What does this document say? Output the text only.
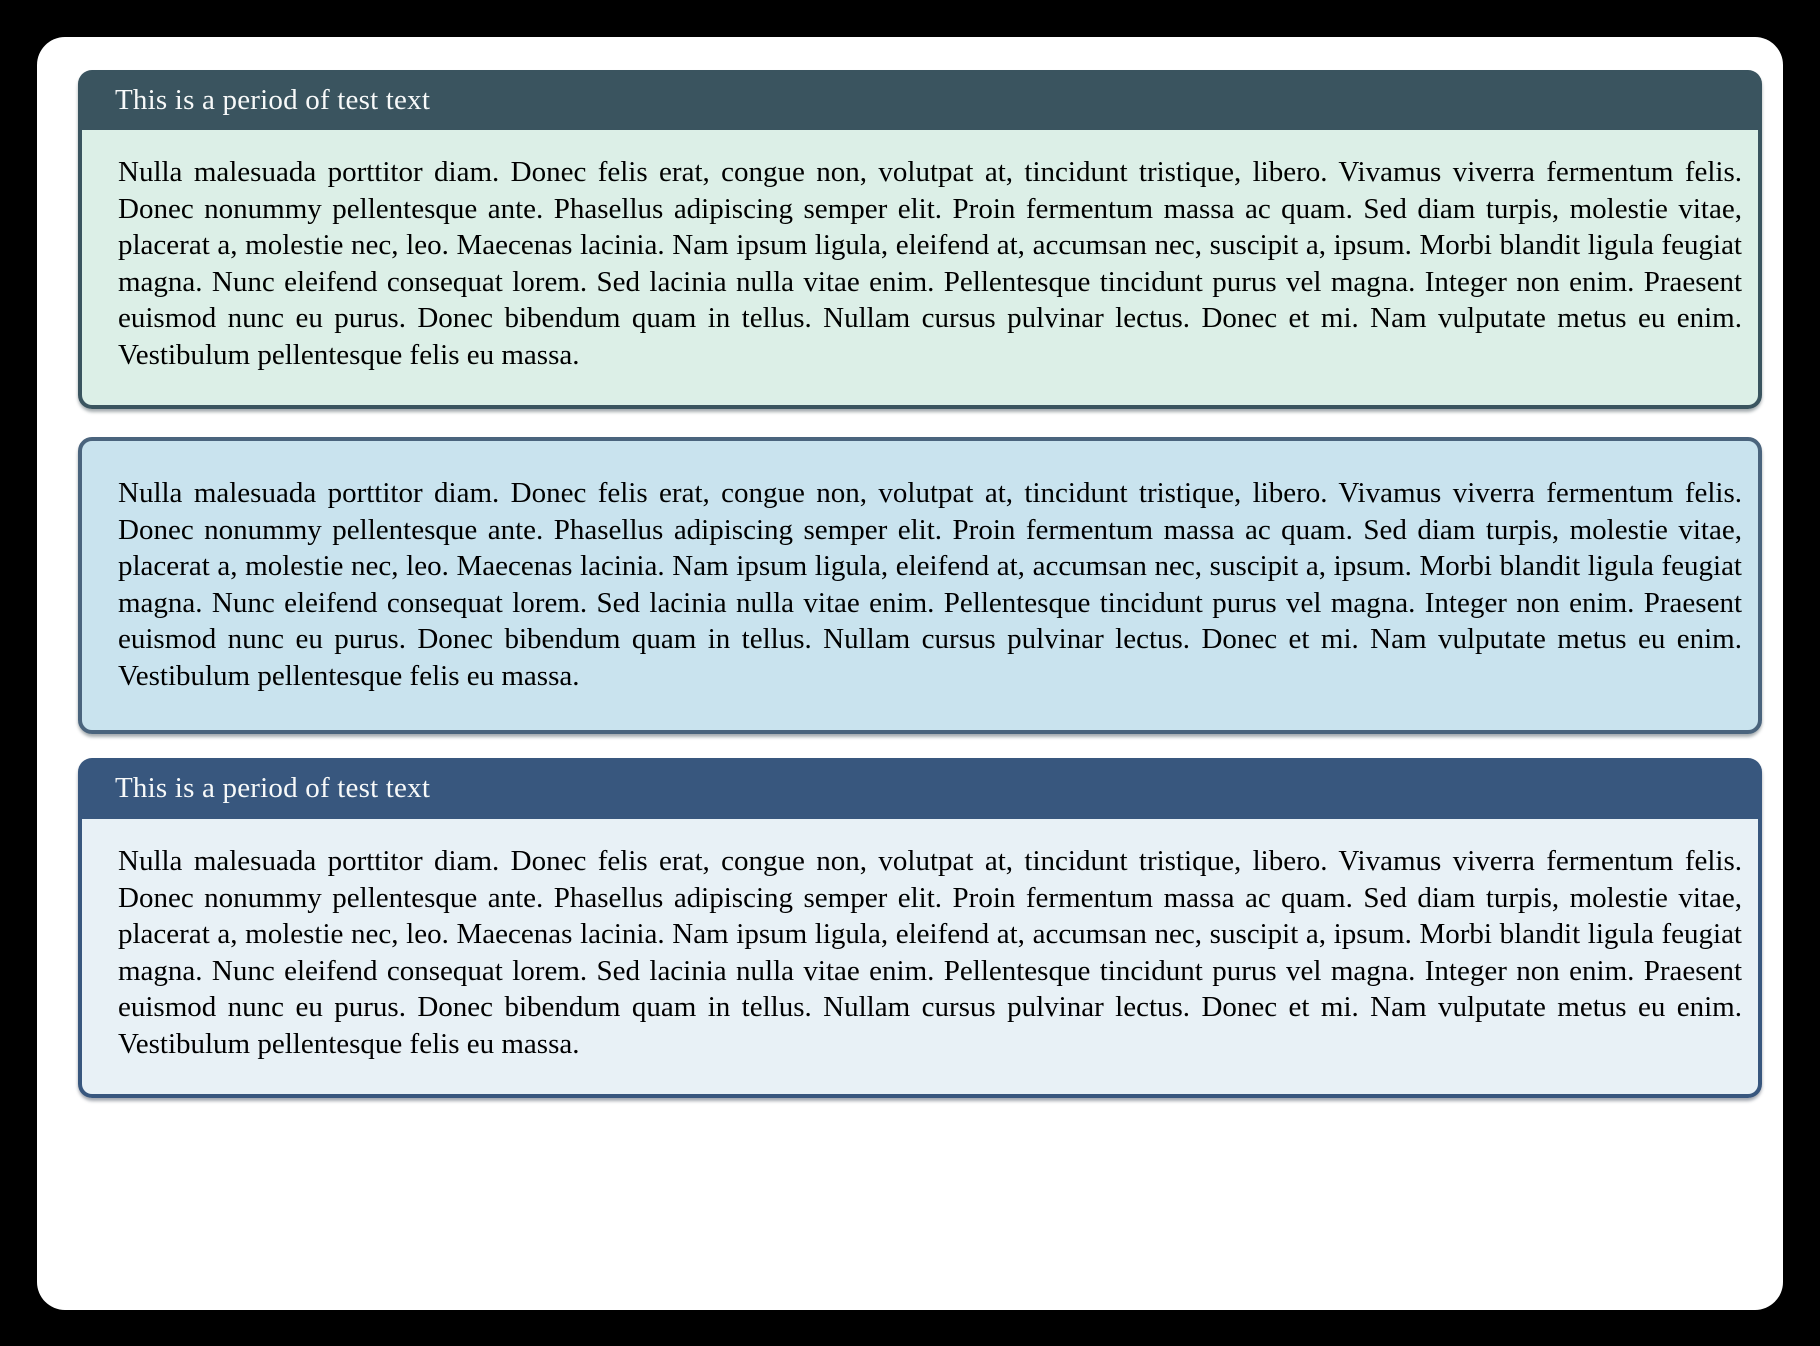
This is a period of test text

Nulla malesuada porttitor diam. Donec felis erat, congue non, volutpat at, tincidunt tristique, libero. Vivamus viverra fermentum felis. Donec nonummy pellentesque ante. Phasellus adipiscing semper elit. Proin fermentum massa ac quam. Sed diam turpis, molestie vitae, placerat a, molestie nec, leo. Maecenas lacinia. Nam ipsum ligula, eleifend at, accumsan nec, suscipit a, ipsum. Morbi blandit ligula feugiat magna. Nunc eleifend consequat lorem. Sed lacinia nulla vitae enim. Pellentesque tincidunt purus vel magna. Integer non enim. Praesent euismod nunc eu purus. Donec bibendum quam in tellus. Nullam cursus pulvinar lectus. Donec et mi. Nam vulputate metus eu enim. Vestibulum pellentesque felis eu massa.

Nulla malesuada porttitor diam. Donec felis erat, congue non, volutpat at, tincidunt tristique, libero. Vivamus viverra fermentum felis. Donec nonummy pellentesque ante. Phasellus adipiscing semper elit. Proin fermentum massa ac quam. Sed diam turpis, molestie vitae, placerat a, molestie nec, leo. Maecenas lacinia. Nam ipsum ligula, eleifend at, accumsan nec, suscipit a, ipsum. Morbi blandit ligula feugiat magna. Nunc eleifend consequat lorem. Sed lacinia nulla vitae enim. Pellentesque tincidunt purus vel magna. Integer non enim. Praesent euismod nunc eu purus. Donec bibendum quam in tellus. Nullam cursus pulvinar lectus. Donec et mi. Nam vulputate metus eu enim. Vestibulum pellentesque felis eu massa.

This is a period of test text

Nulla malesuada porttitor diam. Donec felis erat, congue non, volutpat at, tincidunt tristique, libero. Vivamus viverra fermentum felis. Donec nonummy pellentesque ante. Phasellus adipiscing semper elit. Proin fermentum massa ac quam. Sed diam turpis, molestie vitae, placerat a, molestie nec, leo. Maecenas lacinia. Nam ipsum ligula, eleifend at, accumsan nec, suscipit a, ipsum. Morbi blandit ligula feugiat magna. Nunc eleifend consequat lorem. Sed lacinia nulla vitae enim. Pellentesque tincidunt purus vel magna. Integer non enim. Praesent euismod nunc eu purus. Donec bibendum quam in tellus. Nullam cursus pulvinar lectus. Donec et mi. Nam vulputate metus eu enim. Vestibulum pellentesque felis eu massa.
